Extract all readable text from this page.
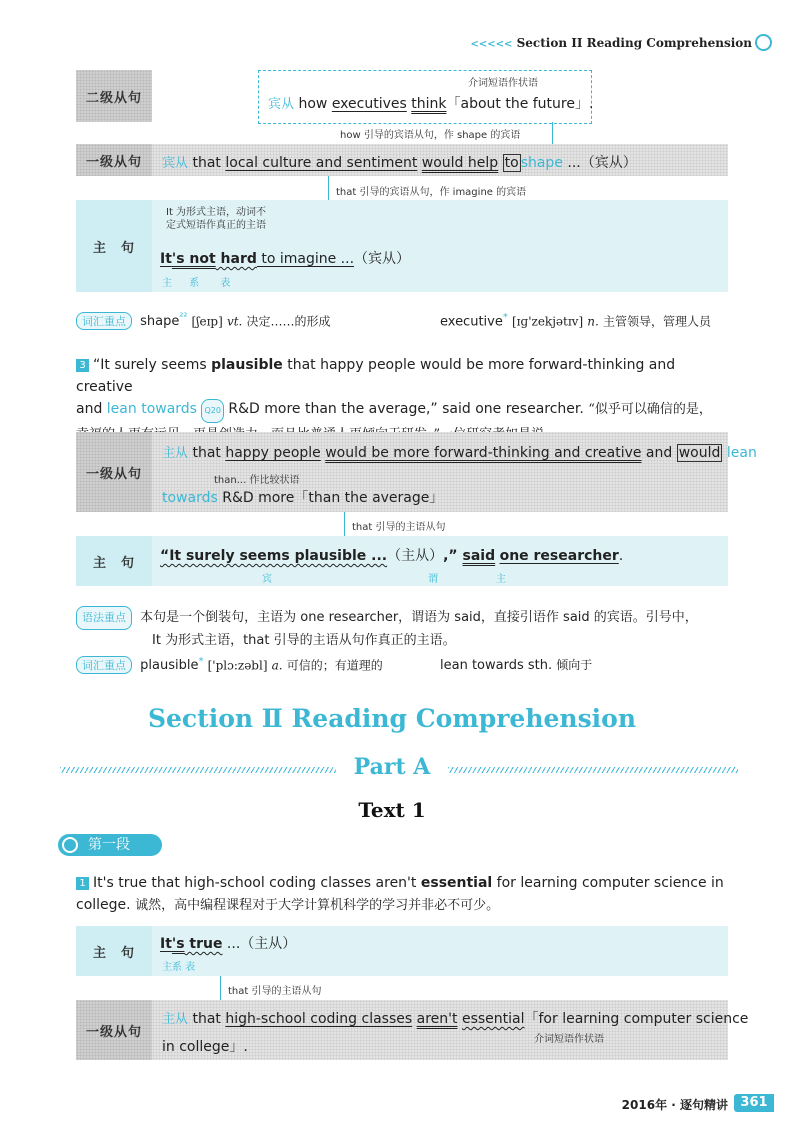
<<<<< Section II Reading Comprehension
二级从句
介词短语作状语
宾从 how executives think「about the future」.
how 引导的宾语从句，作 shape 的宾语
一级从句	宾从 that local culture and sentiment would help to shape ...（宾从）
that 引导的宾语从句，作 imagine 的宾语
主　句
It 为形式主语，动词不
定式短语作真正的主语
It's not hard to imagine ...（宾从）
主 系 表
词汇重点 shape$^{^{22}}$ [ʃeɪp] vt. 决定……的形成	executive* [ɪɡ'zekjətɪv] n. 主管领导，管理人员
3 “It surely seems plausible that happy people would be more forward-thinking and creative
and lean towards Q20 R&D more than the average,” said one researcher. “似乎可以确信的是，

一级从句
主从 that happy people would be more forward-thinking and creative and would lean
than... 作比较状语
towards R&D more「than the average」
that 引导的主语从句
主　句	“It surely seems plausible ...（主从）,” said one researcher.
宾	谓	主
语法重点 本句是一个倒装句，主语为 one researcher，谓语为 said，直接引语作 said 的宾语。引号中，
It 为形式主语，that 引导的主语从句作真正的主语。
词汇重点 plausible* ['plɔ:zəbl] a. 可信的；有道理的	lean towards sth. 倾向于
Section Ⅱ Reading Comprehension
Part A
Text 1
第一段
1 It's true that high-school coding classes aren't essential for learning computer science in
college. 诚然，高中编程课程对于大学计算机科学的学习并非必不可少。
主　句
It's true ...（主从）
主系 表
that 引导的主语从句
一级从句
主从 that high-school coding classes aren't essential「for learning computer science
in college」.	介词短语作状语
2016年 · 逐句精讲 361
